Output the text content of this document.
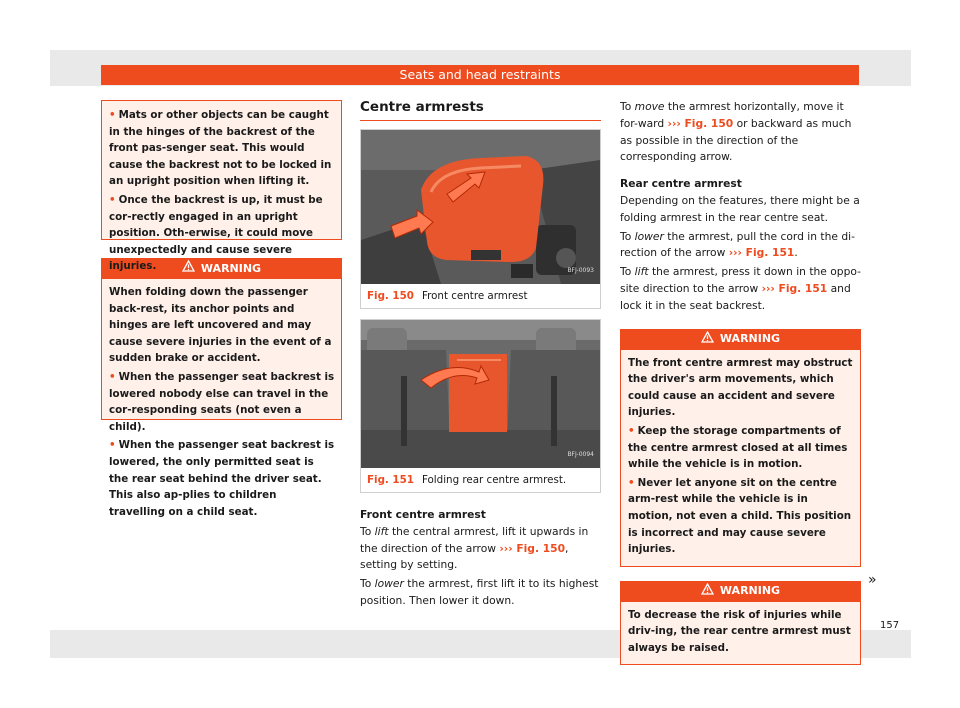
Seats and head restraints
• Mats or other objects can be caught in the hinges of the backrest of the front pas-senger seat. This would cause the backrest not to be locked in an upright position when lifting it.
• Once the backrest is up, it must be cor-rectly engaged in an upright position. Oth-erwise, it could move unexpectedly and cause severe injuries.	WARNING
When folding down the passenger back-rest, its anchor points and hinges are left uncovered and may cause severe injuries in the event of a sudden brake or accident.
• When the passenger seat backrest is lowered nobody else can travel in the cor-responding seats (not even a child).
• When the passenger seat backrest is lowered, the only permitted seat is the rear seat behind the driver seat. This also ap-plies to children travelling on a child seat.
Centre armrests
BFJ-0093
Fig. 150 Front centre armrest
BFJ-0094
Fig. 151 Folding rear centre armrest.
Front centre armrest
To lift the central armrest, lift it upwards in the direction of the arrow ››› Fig. 150, setting by setting.
To lower the armrest, first lift it to its highest position. Then lower it down.
To move the armrest horizontally, move it for-ward ››› Fig. 150 or backward as much as possible in the direction of the corresponding arrow.
Rear centre armrest
Depending on the features, there might be a folding armrest in the rear centre seat.
To lower the armrest, pull the cord in the di-rection of the arrow ››› Fig. 151.
To lift the armrest, press it down in the oppo-site direction to the arrow ››› Fig. 151 and lock it in the seat backrest.
WARNING
The front centre armrest may obstruct the driver's arm movements, which could cause an accident and severe injuries.
• Keep the storage compartments of the centre armrest closed at all times while the vehicle is in motion.
• Never let anyone sit on the centre arm-rest while the vehicle is in motion, not even a child. This position is incorrect and may cause severe injuries.
WARNING
To decrease the risk of injuries while driv-ing, the rear centre armrest must always be raised.
»
157
